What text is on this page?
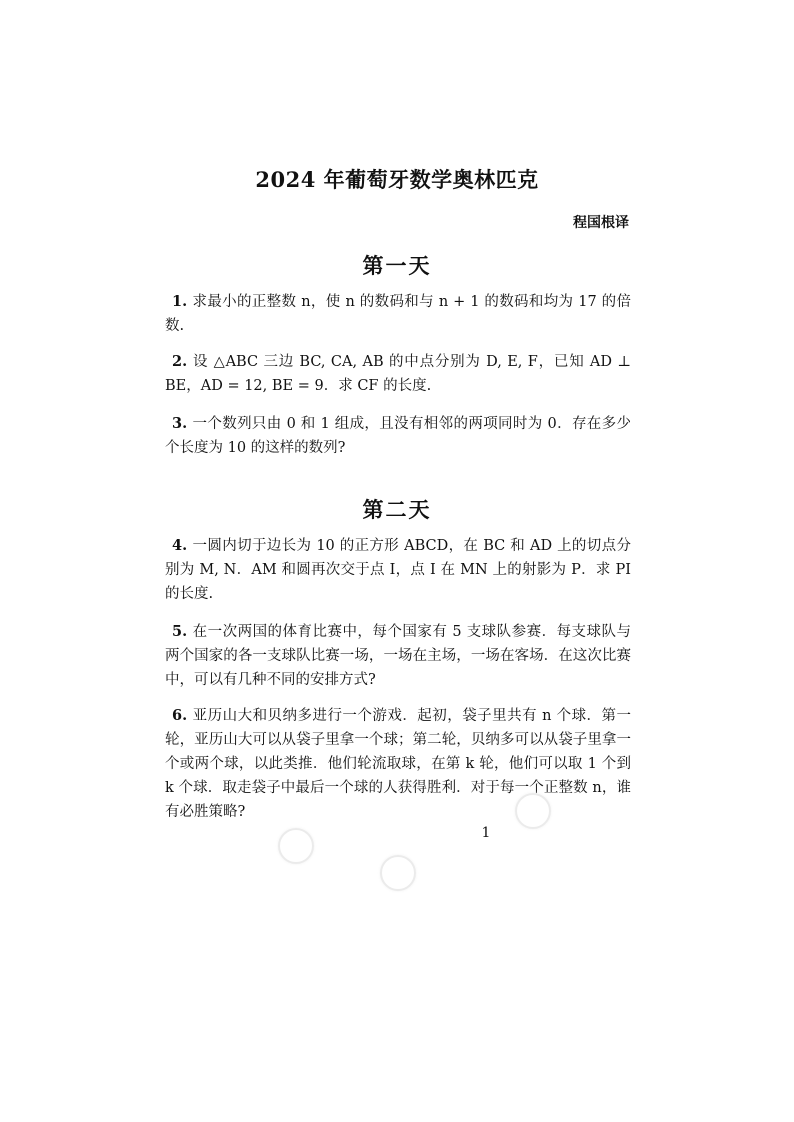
2024 年葡萄牙数学奥林匹克
程国根译
第一天
1. 求最小的正整数 n，使 n 的数码和与 n + 1 的数码和均为 17 的倍数.
2. 设 △ABC 三边 BC, CA, AB 的中点分别为 D, E, F，已知 AD ⊥ BE，AD = 12, BE = 9．求 CF 的长度.
3. 一个数列只由 0 和 1 组成，且没有相邻的两项同时为 0．存在多少个长度为 10 的这样的数列?
第二天
4. 一圆内切于边长为 10 的正方形 ABCD，在 BC 和 AD 上的切点分别为 M, N．AM 和圆再次交于点 I，点 I 在 MN 上的射影为 P．求 PI 的长度.
5. 在一次两国的体育比赛中，每个国家有 5 支球队参赛．每支球队与两个国家的各一支球队比赛一场，一场在主场，一场在客场．在这次比赛中，可以有几种不同的安排方式?
6. 亚历山大和贝纳多进行一个游戏．起初，袋子里共有 n 个球．第一轮，亚历山大可以从袋子里拿一个球；第二轮，贝纳多可以从袋子里拿一个或两个球，以此类推．他们轮流取球，在第 k 轮，他们可以取 1 个到 k 个球．取走袋子中最后一个球的人获得胜利．对于每一个正整数 n，谁有必胜策略?
1
